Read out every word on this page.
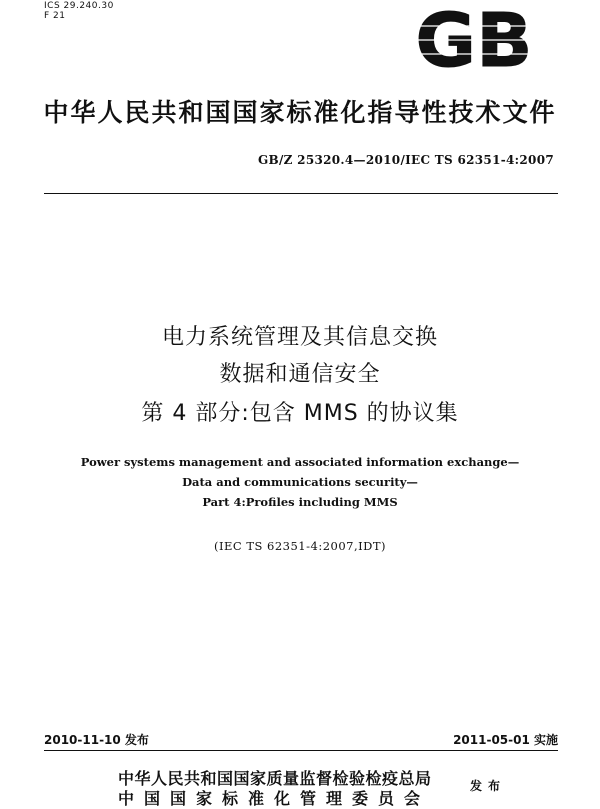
ICS 29.240.30
F 21	GB
中华人民共和国国家标准化指导性技术文件
GB/Z 25320.4—2010/IEC TS 62351-4:2007
电力系统管理及其信息交换
数据和通信安全
第 4 部分:包含 MMS 的协议集
Power systems management and associated information exchange—
Data and communications security—
Part 4:Profiles including MMS
(IEC TS 62351-4:2007,IDT)
2010-11-10 发布	2011-05-01 实施
中华人民共和国国家质量监督检验检疫总局
中国国家标准化管理委员会
发布
